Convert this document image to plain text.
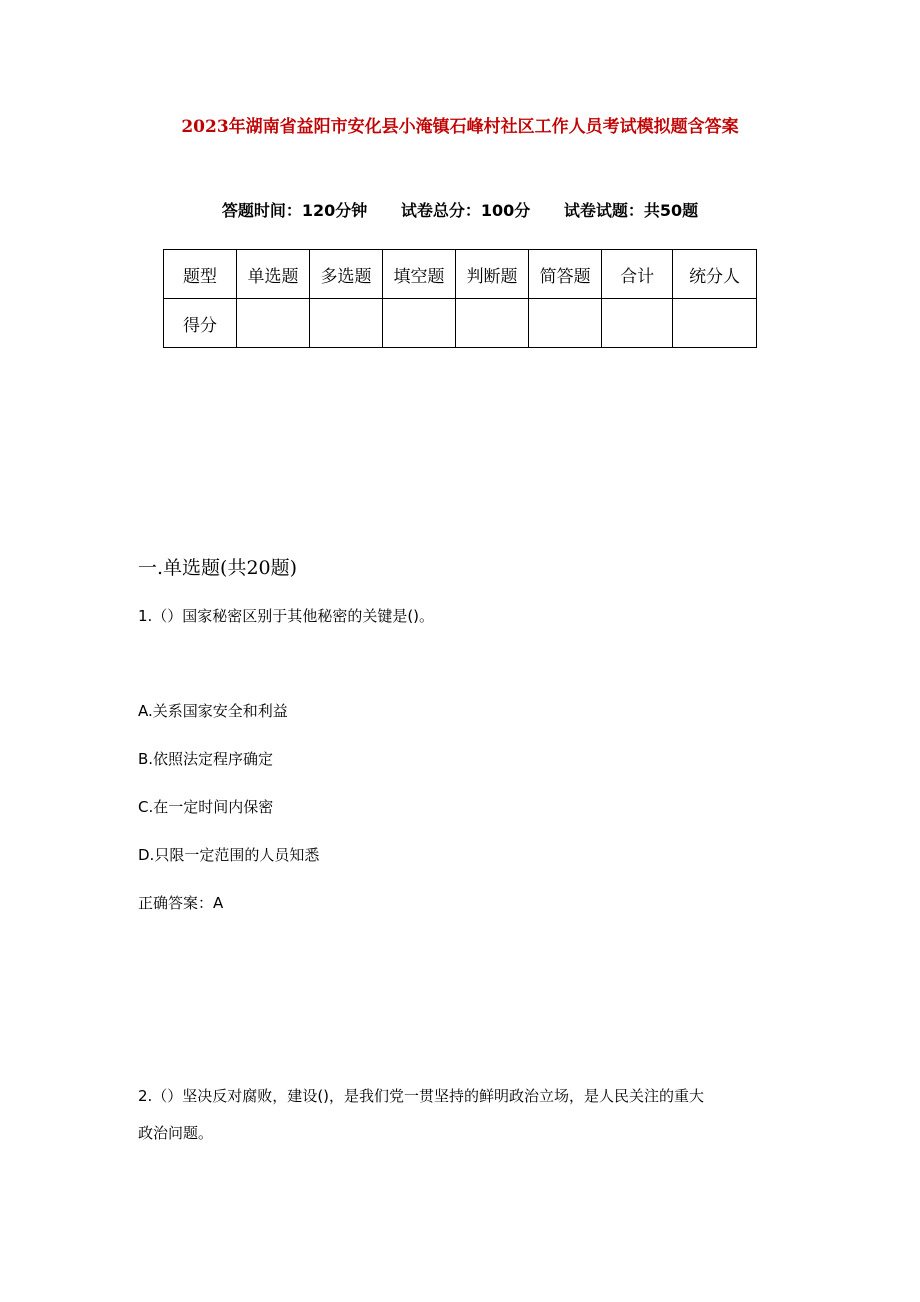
2023年湖南省益阳市安化县小淹镇石峰村社区工作人员考试模拟题含答案
答题时间：120分钟 试卷总分：100分 试卷试题：共50题
题型	单选题	多选题	填空题	判断题	简答题	合计	统分人
得分							
一.单选题(共20题)
1.（）国家秘密区别于其他秘密的关键是()。
A.关系国家安全和利益
B.依照法定程序确定
C.在一定时间内保密
D.只限一定范围的人员知悉
正确答案：A
2.（）坚决反对腐败，建设()，是我们党一贯坚持的鲜明政治立场，是人民关注的重大
政治问题。
